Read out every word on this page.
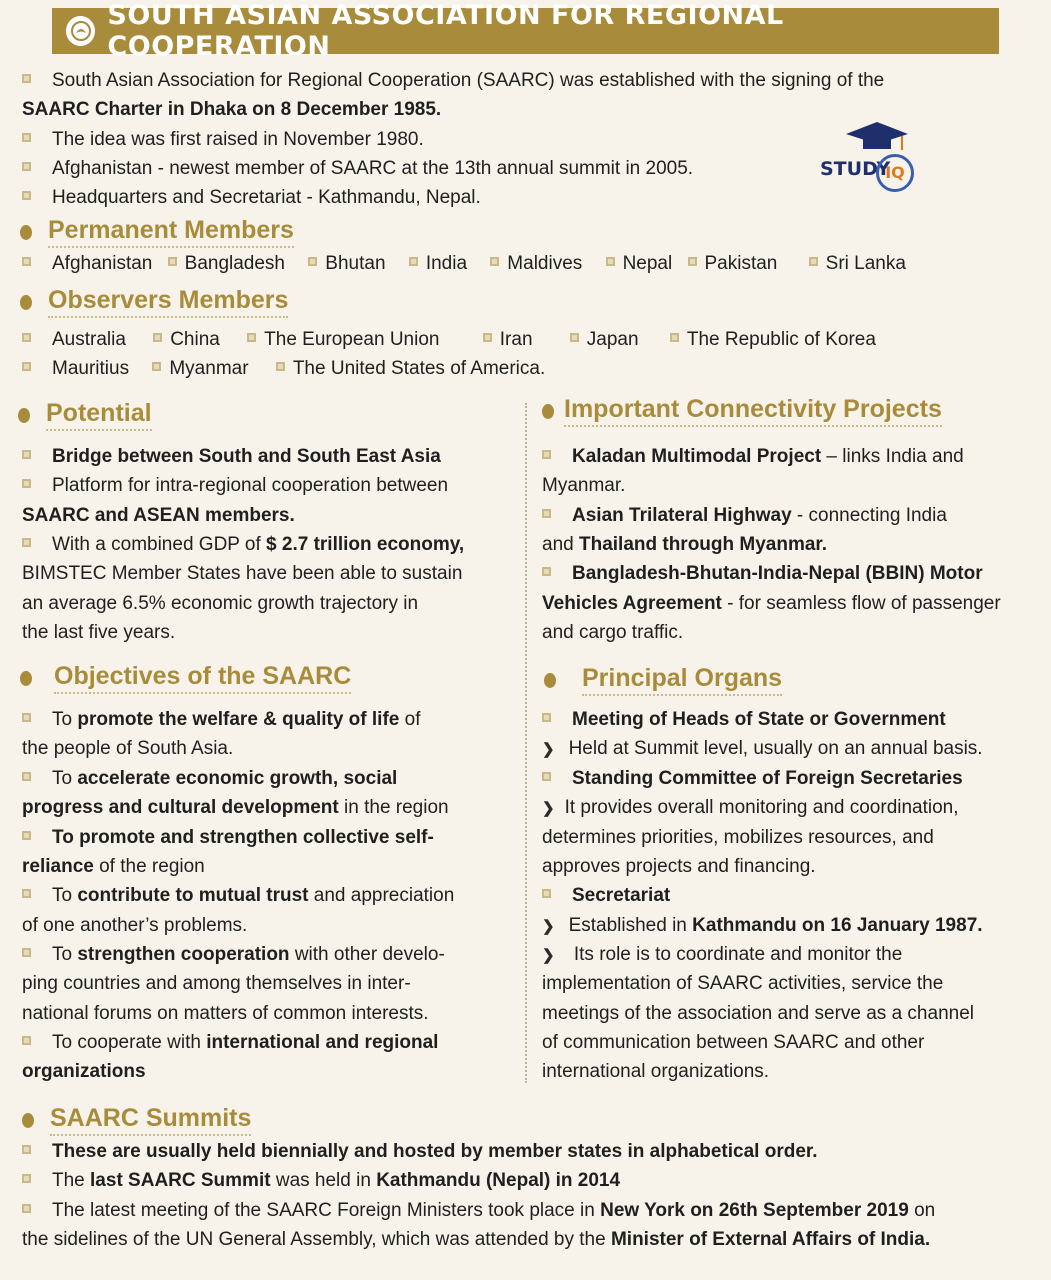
SOUTH ASIAN ASSOCIATION FOR REGIONAL COOPERATION
STUDY
IQ
South Asian Association for Regional Cooperation (SAARC) was established with the signing of the
SAARC Charter in Dhaka on 8 December 1985.
The idea was first raised in November 1980.
Afghanistan - newest member of SAARC at the 13th annual summit in 2005.
Headquarters and Secretariat - Kathmandu, Nepal.
Permanent Members
Afghanistan Bangladesh Bhutan India Maldives Nepal Pakistan	Sri Lanka
Observers Members
Australia China The European Union	Iran	Japan	The Republic of Korea
Mauritius Myanmar The United States of America.
Potential
Bridge between South and South East Asia
Platform for intra-regional cooperation between
SAARC and ASEAN members.
With a combined GDP of $ 2.7 trillion economy,
BIMSTEC Member States have been able to sustain
an average 6.5% economic growth trajectory in
the last five years.
Important Connectivity Projects
Kaladan Multimodal Project – links India and
Myanmar.
Asian Trilateral Highway - connecting India
and Thailand through Myanmar.
Bangladesh-Bhutan-India-Nepal (BBIN) Motor
Vehicles Agreement - for seamless flow of passenger
and cargo traffic.
Objectives of the SAARC
To promote the welfare & quality of life of
the people of South Asia.
To accelerate economic growth, social
progress and cultural development in the region
To promote and strengthen collective self-
reliance of the region
To contribute to mutual trust and appreciation
of one another’s problems.
To strengthen cooperation with other develo-
ping countries and among themselves in inter-
national forums on matters of common interests.
To cooperate with international and regional
organizations
Principal Organs
Meeting of Heads of State or Government
❯ Held at Summit level, usually on an annual basis.
Standing Committee of Foreign Secretaries
❯ It provides overall monitoring and coordination,
determines priorities, mobilizes resources, and
approves projects and financing.
Secretariat
❯ Established in Kathmandu on 16 January 1987.
❯ Its role is to coordinate and monitor the
implementation of SAARC activities, service the
meetings of the association and serve as a channel
of communication between SAARC and other
international organizations.
SAARC Summits
These are usually held biennially and hosted by member states in alphabetical order.
The last SAARC Summit was held in Kathmandu (Nepal) in 2014
The latest meeting of the SAARC Foreign Ministers took place in New York on 26th September 2019 on
the sidelines of the UN General Assembly, which was attended by the Minister of External Affairs of India.
